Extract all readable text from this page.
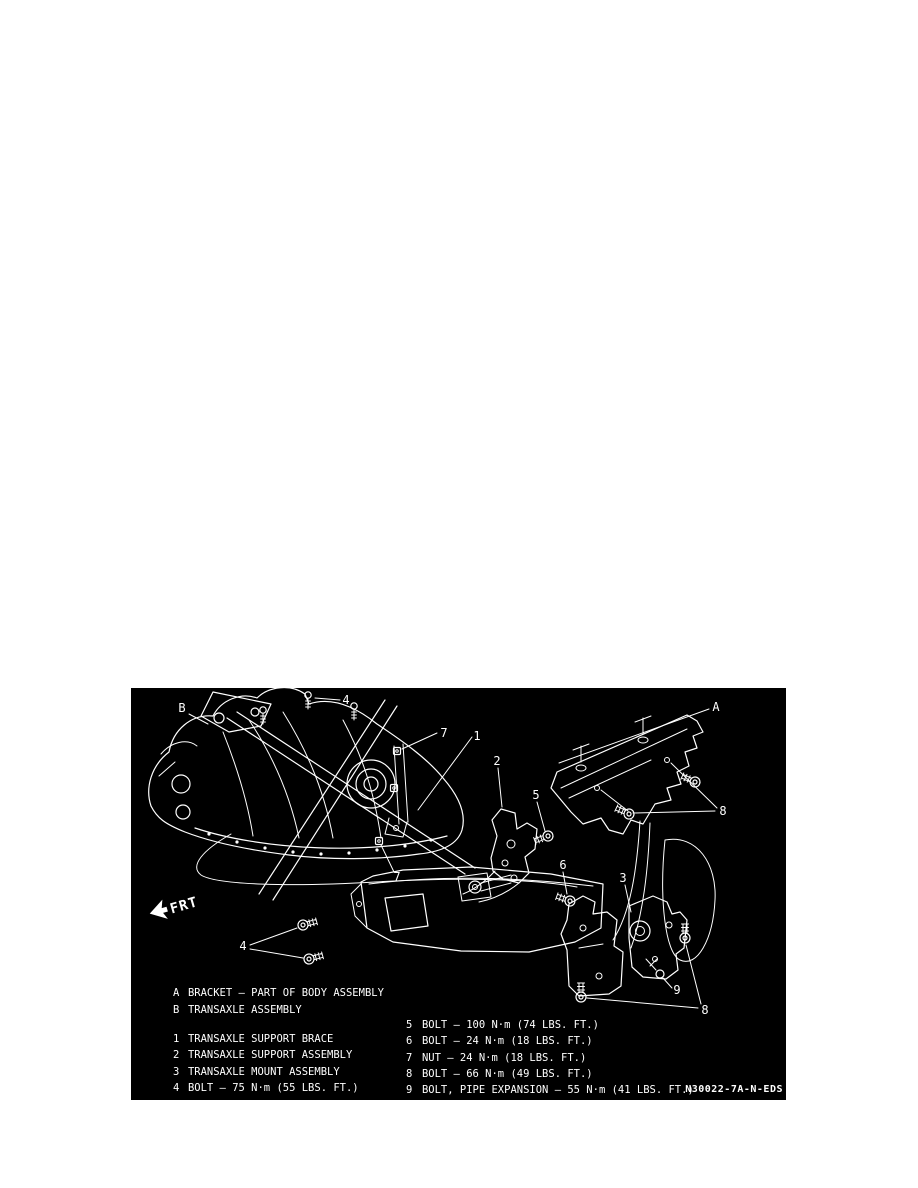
B
4
7 1
2
A
5
8
6
3
7
4
9
8
FRT

A BRACKET – PART OF BODY ASSEMBLY

B TRANSAXLE ASSEMBLY

1 TRANSAXLE SUPPORT BRACE

2 TRANSAXLE SUPPORT ASSEMBLY

3 TRANSAXLE MOUNT ASSEMBLY

4 BOLT – 75 N·m (55 LBS. FT.)

5 BOLT – 100 N·m (74 LBS. FT.)

6 BOLT – 24 N·m (18 LBS. FT.)

7 NUT – 24 N·m (18 LBS. FT.)

8 BOLT – 66 N·m (49 LBS. FT.)

9 BOLT, PIPE EXPANSION – 55 N·m (41 LBS. FT.)

N30022-7A-N-EDS
